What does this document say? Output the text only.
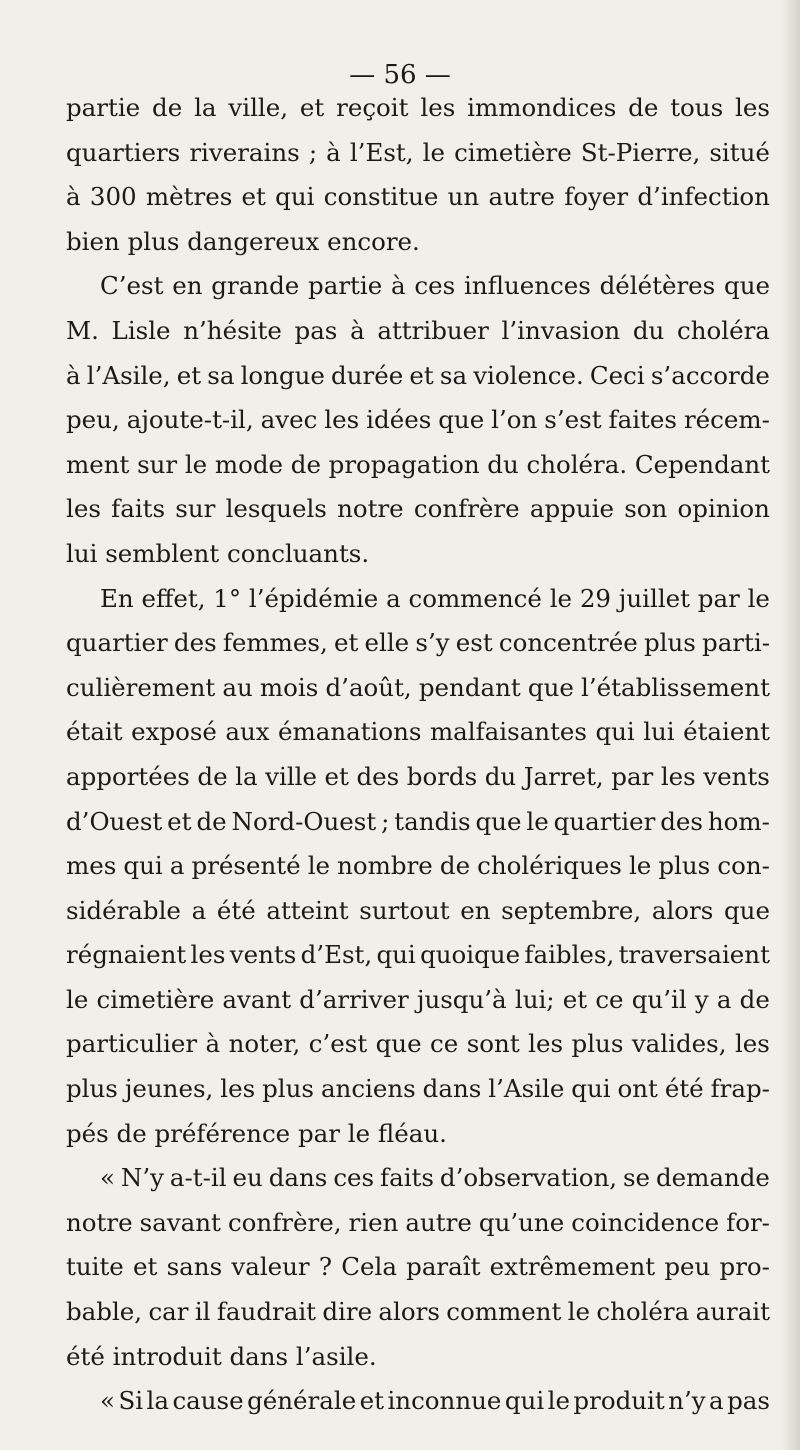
— 56 —
partie de la ville, et reçoit les immondices de tous les
quartiers riverains ; à l’Est, le cimetière St-Pierre, situé
à 300 mètres et qui constitue un autre foyer d’infection
bien plus dangereux encore.
C’est en grande partie à ces influences délétères que
M. Lisle n’hésite pas à attribuer l’invasion du choléra
à l’Asile, et sa longue durée et sa violence. Ceci s’accorde
peu, ajoute-t-il, avec les idées que l’on s’est faites récem-
ment sur le mode de propagation du choléra. Cependant
les faits sur lesquels notre confrère appuie son opinion
lui semblent concluants.
En effet, 1° l’épidémie a commencé le 29 juillet par le
quartier des femmes, et elle s’y est concentrée plus parti-
culièrement au mois d’août, pendant que l’établissement
était exposé aux émanations malfaisantes qui lui étaient
apportées de la ville et des bords du Jarret, par les vents
d’Ouest et de Nord-Ouest ; tandis que le quartier des hom-
mes qui a présenté le nombre de cholériques le plus con-
sidérable a été atteint surtout en septembre, alors que
régnaient les vents d’Est, qui quoique faibles, traversaient
le cimetière avant d’arriver jusqu’à lui; et ce qu’il y a de
particulier à noter, c’est que ce sont les plus valides, les
plus jeunes, les plus anciens dans l’Asile qui ont été frap-
pés de préférence par le fléau.
« N’y a-t-il eu dans ces faits d’observation, se demande
notre savant confrère, rien autre qu’une coincidence for-
tuite et sans valeur ? Cela paraît extrêmement peu pro-
bable, car il faudrait dire alors comment le choléra aurait
été introduit dans l’asile.
« Si la cause générale et inconnue qui le produit n’y a pas
